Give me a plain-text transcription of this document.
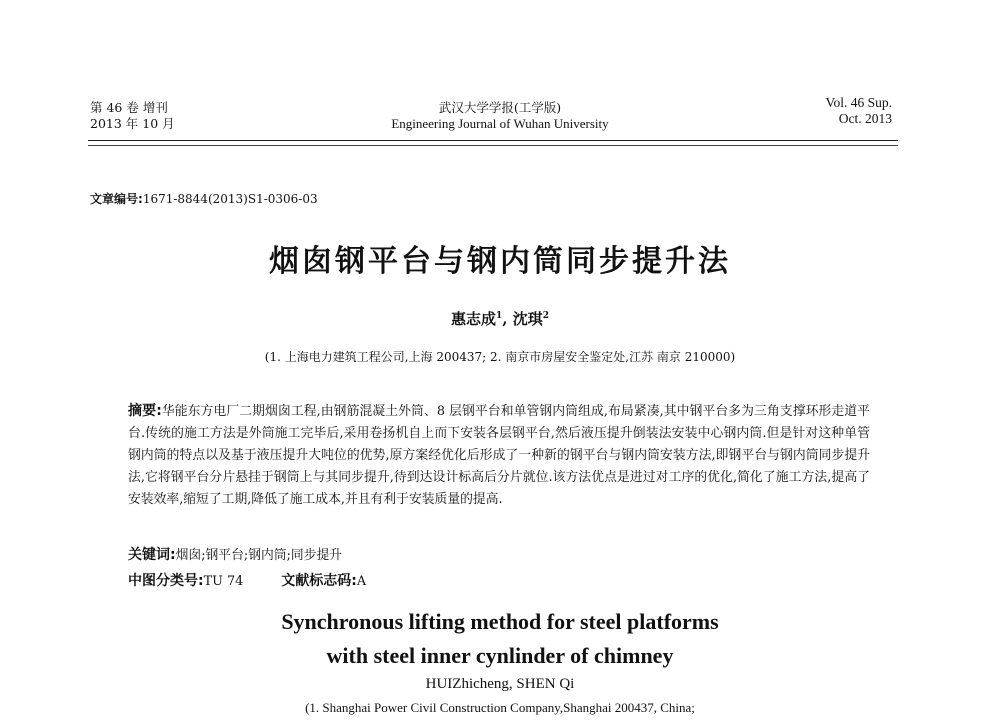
第 46 卷 增刊
2013 年 10 月
武汉大学学报(工学版)
Engineering Journal of Wuhan University
Vol. 46 Sup.
Oct. 2013
文章编号:1671-8844(2013)S1-0306-03
烟囱钢平台与钢内筒同步提升法
惠志成$^1$, 沈琪$^2$
(1. 上海电力建筑工程公司,上海 200437; 2. 南京市房屋安全鉴定处,江苏 南京 210000)
摘要:华能东方电厂二期烟囱工程,由钢筋混凝土外筒、8 层钢平台和单管钢内筒组成,布局紧凑,其中钢平台多为三角支撑环形走道平台.传统的施工方法是外筒施工完毕后,采用卷扬机自上而下安装各层钢平台,然后液压提升倒装法安装中心钢内筒.但是针对这种单管钢内筒的特点以及基于液压提升大吨位的优势,原方案经优化后形成了一种新的钢平台与钢内筒安装方法,即钢平台与钢内筒同步提升法,它将钢平台分片悬挂于钢筒上与其同步提升,待到达设计标高后分片就位.该方法优点是进过对工序的优化,简化了施工方法,提高了安装效率,缩短了工期,降低了施工成本,并且有利于安装质量的提高.
关键词:烟囱;钢平台;钢内筒;同步提升
中图分类号:TU 74	文献标志码:A
Synchronous lifting method for steel platforms
with steel inner cynlinder of chimney
HUIZhicheng, SHEN Qi
(1. Shanghai Power Civil Construction Company,Shanghai 200437, China;
